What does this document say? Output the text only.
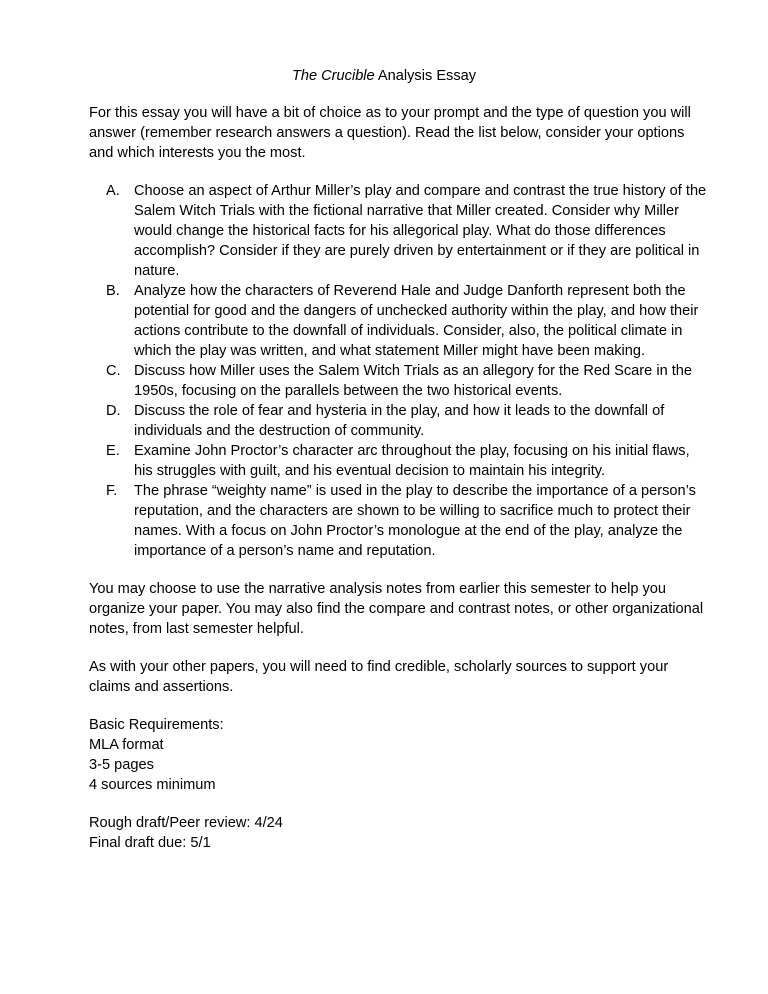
The Crucible Analysis Essay
For this essay you will have a bit of choice as to your prompt and the type of question you will
answer (remember research answers a question). Read the list below, consider your options
and which interests you the most.
A. Choose an aspect of Arthur Miller’s play and compare and contrast the true history of the
Salem Witch Trials with the fictional narrative that Miller created. Consider why Miller
would change the historical facts for his allegorical play. What do those differences
accomplish? Consider if they are purely driven by entertainment or if they are political in
nature.
B. Analyze how the characters of Reverend Hale and Judge Danforth represent both the
potential for good and the dangers of unchecked authority within the play, and how their
actions contribute to the downfall of individuals. Consider, also, the political climate in
which the play was written, and what statement Miller might have been making.
C. Discuss how Miller uses the Salem Witch Trials as an allegory for the Red Scare in the
1950s, focusing on the parallels between the two historical events.
D. Discuss the role of fear and hysteria in the play, and how it leads to the downfall of
individuals and the destruction of community.
E. Examine John Proctor’s character arc throughout the play, focusing on his initial flaws,
his struggles with guilt, and his eventual decision to maintain his integrity.
F. The phrase “weighty name” is used in the play to describe the importance of a person’s
reputation, and the characters are shown to be willing to sacrifice much to protect their
names. With a focus on John Proctor’s monologue at the end of the play, analyze the
importance of a person’s name and reputation.
You may choose to use the narrative analysis notes from earlier this semester to help you
organize your paper. You may also find the compare and contrast notes, or other organizational
notes, from last semester helpful.
As with your other papers, you will need to find credible, scholarly sources to support your
claims and assertions.
Basic Requirements:
MLA format
3-5 pages
4 sources minimum
Rough draft/Peer review: 4/24
Final draft due: 5/1
